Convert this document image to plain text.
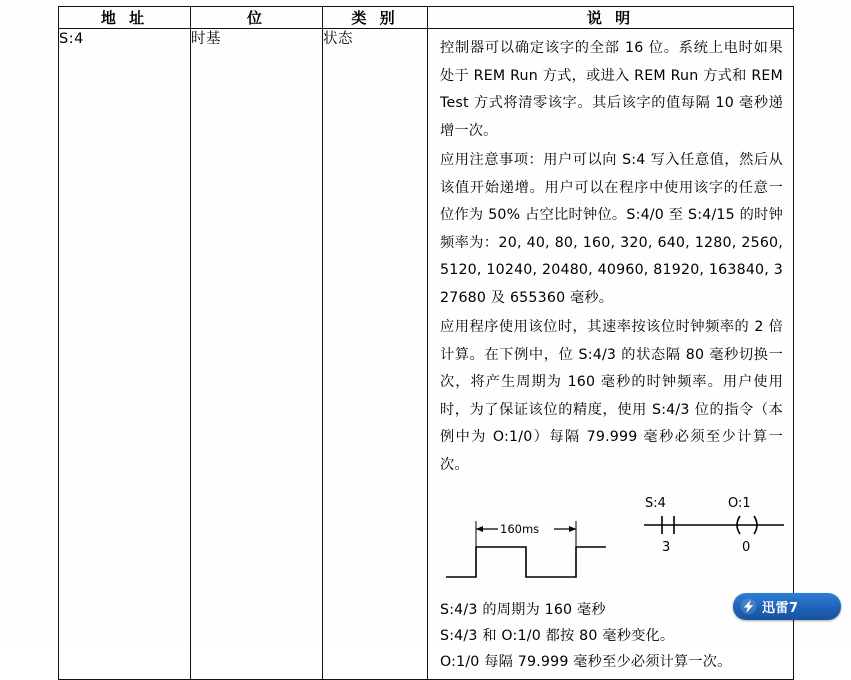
地 址	位	类 别	说 明

S:4	时基	状态

控制器可以确定该字的全部 16 位。系统上电时如果处于 REM Run 方式，或进入 REM Run 方式和 REM Test 方式将清零该字。其后该字的值每隔 10 毫秒递增一次。

应用注意事项：用户可以向 S:4 写入任意值，然后从该值开始递增。用户可以在程序中使用该字的任意一位作为 50% 占空比时钟位。S:4/0 至 S:4/15 的时钟频率为：20, 40, 80, 160, 320, 640, 1280, 2560, 5120, 10240, 20480, 40960, 81920, 163840, 327680 及 655360 毫秒。

应用程序使用该位时，其速率按该位时钟频率的 2 倍计算。在下例中，位 S:4/3 的状态隔 80 毫秒切换一次，将产生周期为 160 毫秒的时钟频率。用户使用时，为了保证该位的精度，使用 S:4/3 位的指令（本例中为 O:1/0）每隔 79.999 毫秒必须至少计算一次。

S:4	O:1
3	0
160ms

S:4/3 的周期为 160 毫秒

S:4/3 和 O:1/0 都按 80 毫秒变化。

O:1/0 每隔 79.999 毫秒至少必须计算一次。

迅雷7
